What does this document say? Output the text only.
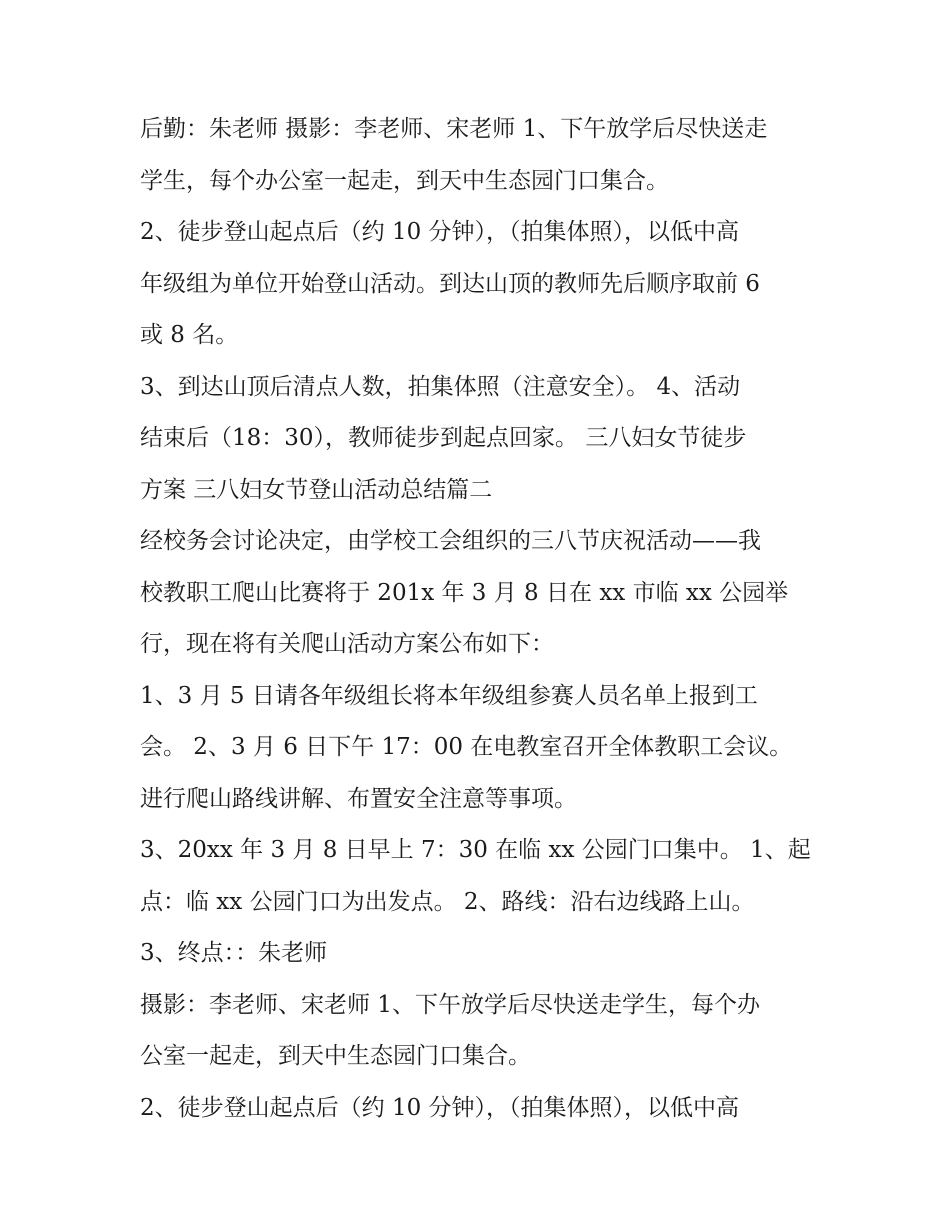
后勤：朱老师 摄影：李老师、宋老师 1、下午放学后尽快送走
学生，每个办公室一起走，到天中生态园门口集合。
2、徒步登山起点后（约 10 分钟），（拍集体照），以低中高
年级组为单位开始登山活动。到达山顶的教师先后顺序取前 6
或 8 名。
3、到达山顶后清点人数，拍集体照（注意安全）。 4、活动
结束后（18：30），教师徒步到起点回家。 三八妇女节徒步
方案 三八妇女节登山活动总结篇二
经校务会讨论决定，由学校工会组织的三八节庆祝活动——我
校教职工爬山比赛将于 201x 年 3 月 8 日在 xx 市临 xx 公园举
行，现在将有关爬山活动方案公布如下：
1、3 月 5 日请各年级组长将本年级组参赛人员名单上报到工
会。 2、3 月 6 日下午 17：00 在电教室召开全体教职工会议。
进行爬山路线讲解、布置安全注意等事项。
3、20xx 年 3 月 8 日早上 7：30 在临 xx 公园门口集中。 1、起
点：临 xx 公园门口为出发点。 2、路线：沿右边线路上山。
3、终点：：朱老师
摄影：李老师、宋老师 1、下午放学后尽快送走学生，每个办
公室一起走，到天中生态园门口集合。
2、徒步登山起点后（约 10 分钟），（拍集体照），以低中高
